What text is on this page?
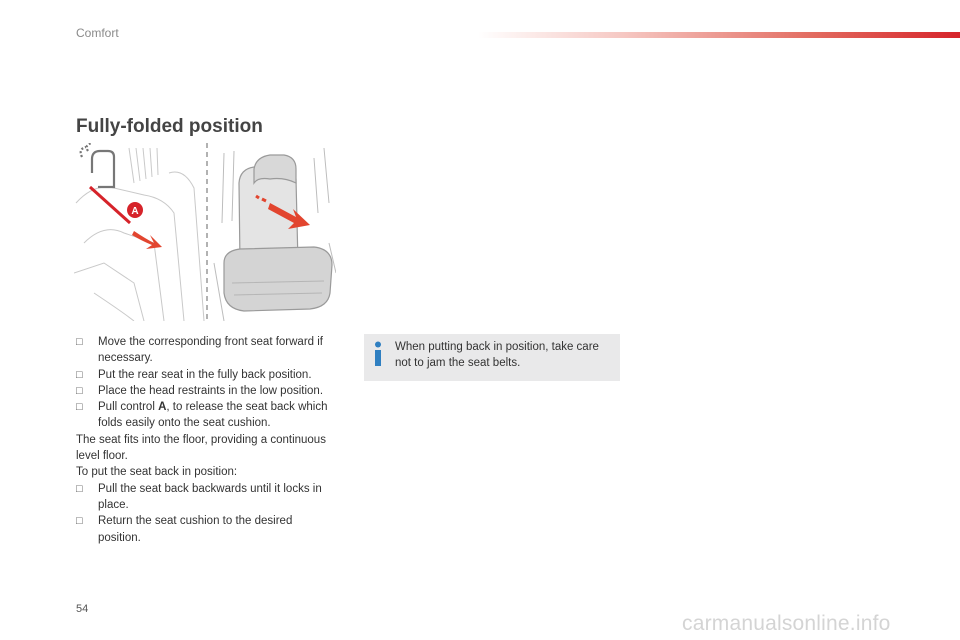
Comfort
Fully-folded position
A
□ Move the corresponding front seat forward if necessary.
□ Put the rear seat in the fully back position.
□ Place the head restraints in the low position.
□ Pull control A, to release the seat back which folds easily onto the seat cushion.
The seat fits into the floor, providing a continuous level floor.
To put the seat back in position:
□ Pull the seat back backwards until it locks in place.
□ Return the seat cushion to the desired position.
When putting back in position, take care not to jam the seat belts.
54
carmanualsonline.info
